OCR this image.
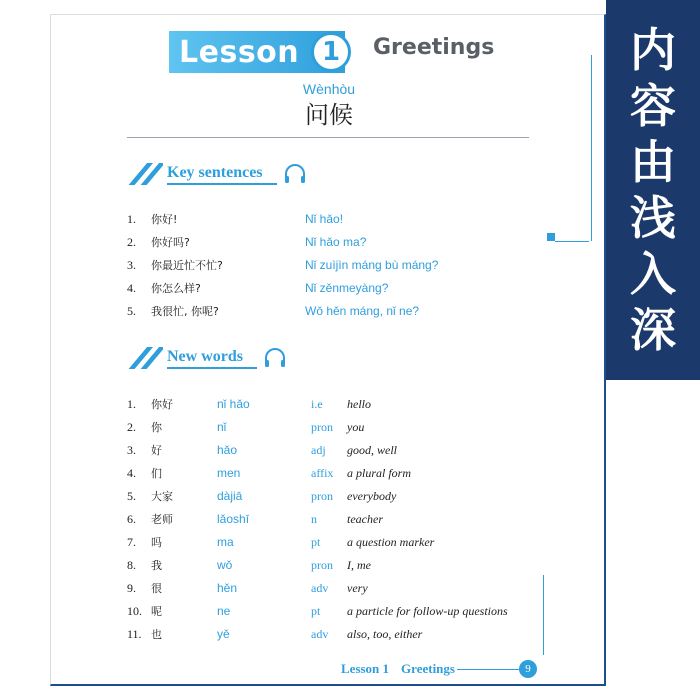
Lesson 1	Greetings
Wènhòu
问候
Key sentences
1.	你好!	Nǐ hǎo!
2.	你好吗?	Nǐ hǎo ma?
3.	你最近忙不忙?	Nǐ zuìjìn máng bù máng?
4.	你怎么样?	Nǐ zěnmeyàng?
5.	我很忙, 你呢?	Wǒ hěn máng, nǐ ne?
New words
1.	你好	nǐ hǎo	i.e	hello
2.	你	nǐ	pron	you
3.	好	hǎo	adj	good, well
4.	们	men	affix	a plural form
5.	大家	dàjiā	pron	everybody
6.	老师	lǎoshī	n	teacher
7.	吗	ma	pt	a question marker
8.	我	wǒ	pron	I, me
9.	很	hěn	adv	very
10. 呢	ne	pt	a particle for follow-up questions
11. 也	yě	adv	also, too, either
Lesson 1 Greetings	9
内
容
由
浅
入
深
